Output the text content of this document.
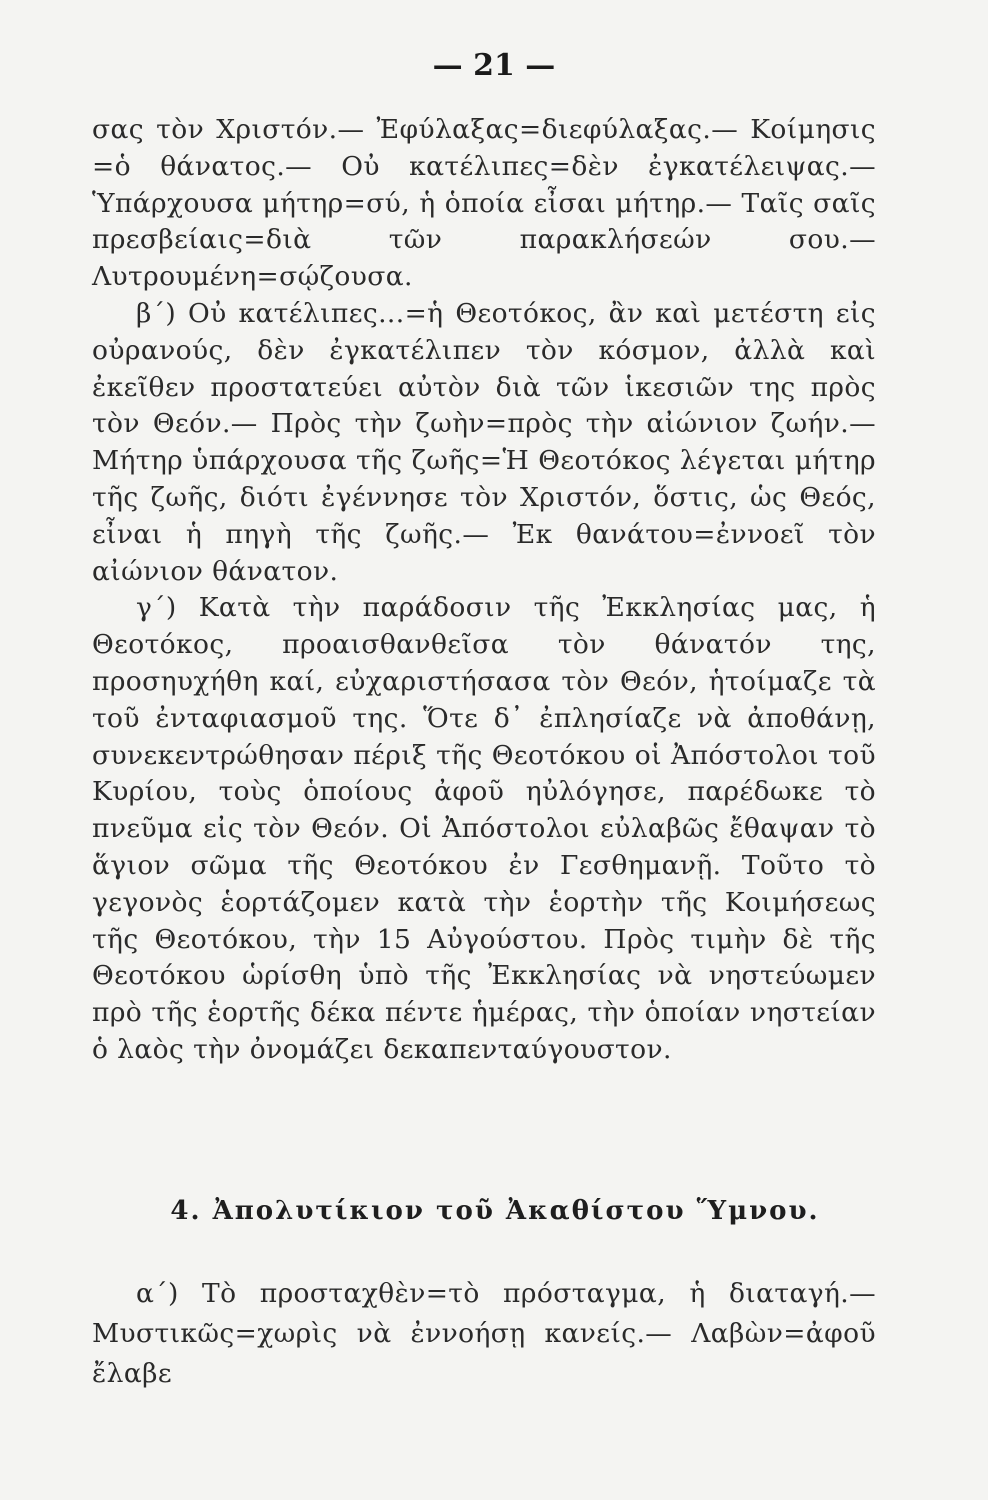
— 21 —

σας τὸν Χριστόν.— Ἐφύλαξας=διεφύλαξας.— Κοίμησις =ὁ θάνατος.— Οὐ κατέλιπες=δὲν ἐγκατέλειψας.— Ὑπάρχουσα μήτηρ=σύ, ἡ ὁποία εἶσαι μήτηρ.— Ταῖς σαῖς πρεσβείαις=διὰ τῶν παρακλήσεών σου.— Λυτρουμένη=σῴζουσα.

β΄) Οὐ κατέλιπες...=ἡ Θεοτόκος, ἂν καὶ μετέστη εἰς οὐρανούς, δὲν ἐγκατέλιπεν τὸν κόσμον, ἀλλὰ καὶ ἐκεῖθεν προστατεύει αὐτὸν διὰ τῶν ἱκεσιῶν της πρὸς τὸν Θεόν.— Πρὸς τὴν ζωὴν=πρὸς τὴν αἰώνιον ζωήν.— Μήτηρ ὑπάρχουσα τῆς ζωῆς=Ἡ Θεοτόκος λέγεται μήτηρ τῆς ζωῆς, διότι ἐγέννησε τὸν Χριστόν, ὅστις, ὡς Θεός, εἶναι ἡ πηγὴ τῆς ζωῆς.— Ἐκ θανάτου=ἐννοεῖ τὸν αἰώνιον θάνατον.

γ΄) Κατὰ τὴν παράδοσιν τῆς Ἐκκλησίας μας, ἡ Θεοτόκος, προαισθανθεῖσα τὸν θάνατόν της, προσηυχήθη καί, εὐχαριστήσασα τὸν Θεόν, ἡτοίμαζε τὰ τοῦ ἐνταφιασμοῦ της. Ὅτε δ᾽ ἐπλησίαζε νὰ ἀποθάνῃ, συνεκεντρώθησαν πέριξ τῆς Θεοτόκου οἱ Ἀπόστολοι τοῦ Κυρίου, τοὺς ὁποίους ἀφοῦ ηὐλόγησε, παρέδωκε τὸ πνεῦμα εἰς τὸν Θεόν. Οἱ Ἀπόστολοι εὐλαβῶς ἔθαψαν τὸ ἅγιον σῶμα τῆς Θεοτόκου ἐν Γεσθημανῇ. Τοῦτο τὸ γεγονὸς ἑορτάζομεν κατὰ τὴν ἑορτὴν τῆς Κοιμήσεως τῆς Θεοτόκου, τὴν 15 Αὐγούστου. Πρὸς τιμὴν δὲ τῆς Θεοτόκου ὡρίσθη ὑπὸ τῆς Ἐκκλησίας νὰ νηστεύωμεν πρὸ τῆς ἑορτῆς δέκα πέντε ἡμέρας, τὴν ὁποίαν νηστείαν ὁ λαὸς τὴν ὀνομάζει δεκαπενταύγουστον.

4. Ἀπολυτίκιον τοῦ Ἀκαθίστου Ὕμνου.

α΄) Τὸ προσταχθὲν=τὸ πρόσταγμα, ἡ διαταγή.— Μυστικῶς=χωρὶς νὰ ἐννοήσῃ κανείς.— Λαβὼν=ἀφοῦ ἔλαβε
